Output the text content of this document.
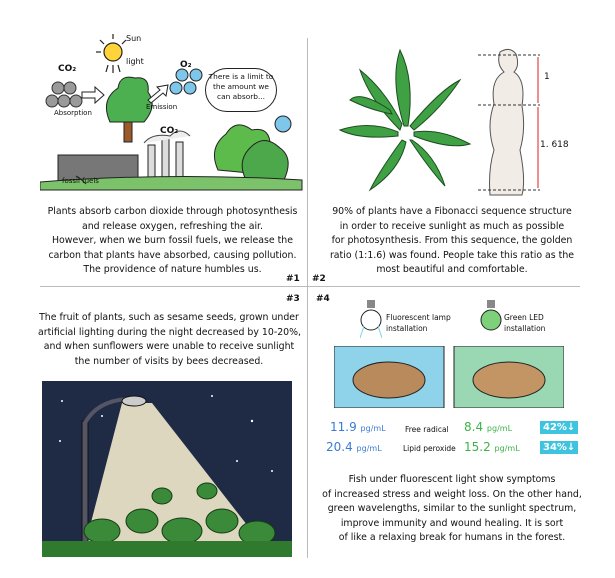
Sun
light
CO₂	O₂
Absorption
Emission
CO₂
fossil fuels
There is a limit to the amount we can absorb...
Plants absorb carbon dioxide through photosynthesis
and release oxygen, refreshing the air.
However, when we burn fossil fuels, we release the
carbon that plants have absorbed, causing pollution.
The providence of nature humbles us.
#1
1
1. 618
90% of plants have a Fibonacci sequence structure
in order to receive sunlight as much as possible
for photosynthesis. From this sequence, the golden
ratio (1:1.6) was found. People take this ratio as the
most beautiful and comfortable.
#2
#3
The fruit of plants, such as sesame seeds, grown under
artificial lighting during the night decreased by 10-20%,
and when sunflowers were unable to receive sunlight
the number of visits by bees decreased.
#4
Fluorescent lamp installation
Green LED installation
11.9 pg/mL	Free radical 8.4 pg/mL	42%↓
20.4 pg/mL	Lipid peroxide 15.2 pg/mL	34%↓
Fish under fluorescent light show symptoms
of increased stress and weight loss. On the other hand,
green wavelengths, similar to the sunlight spectrum,
improve immunity and wound healing. It is sort
of like a relaxing break for humans in the forest.
